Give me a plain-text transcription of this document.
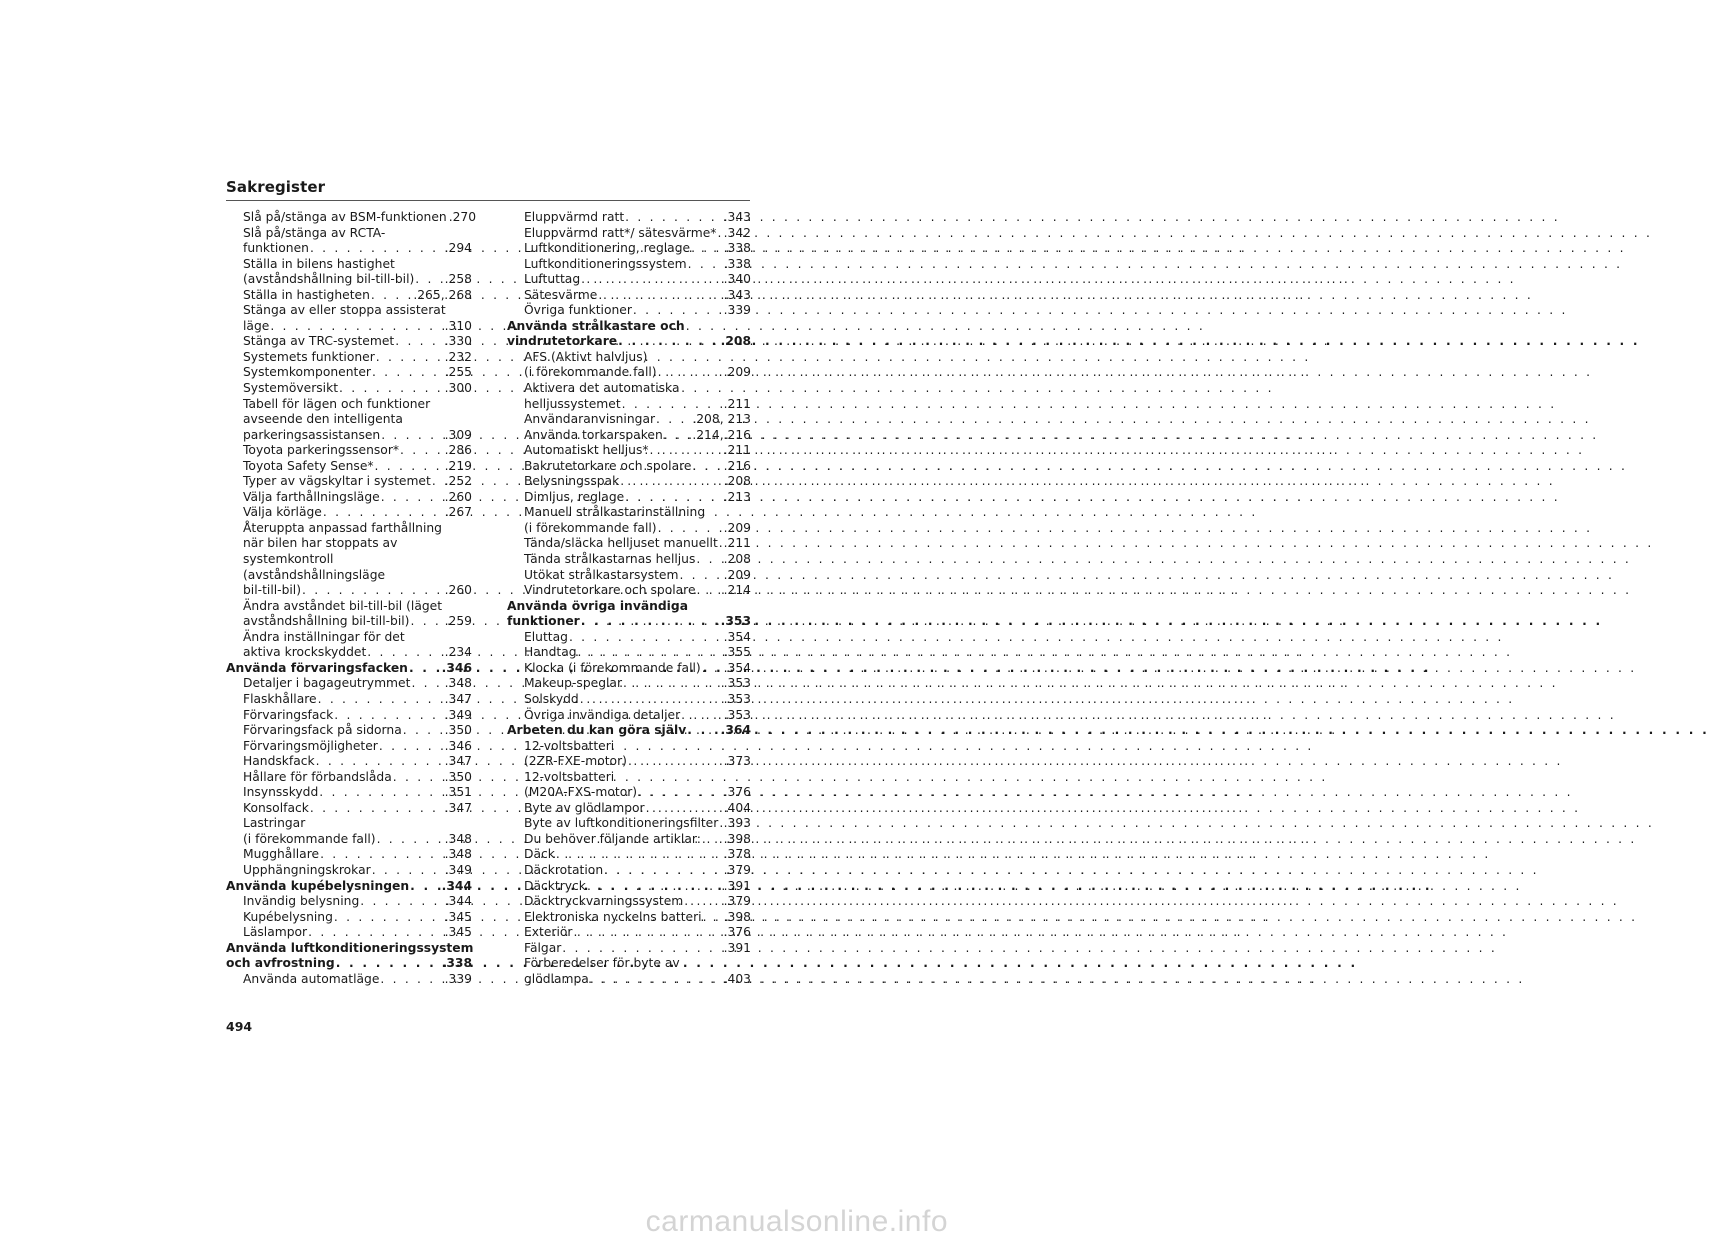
Sakregister
Slå på/stänga av BSM-funktionen . . . .270
Slå på/stänga av RCTA-
funktionen . . .	.294
Ställa in bilens hastighet
(avståndshållning bil-till-bil) . . . .258
Ställa in hastigheten . . .	.265, 268
Stänga av eller stoppa assisterat
läge . . .	.310
Stänga av TRC-systemet . . .	.330
Systemets funktioner . . .	.232
Systemkomponenter . . .	.255
Systemöversikt . . .	.300
Tabell för lägen och funktioner
avseende den intelligenta
parkeringsassistansen . . .	.309
Toyota parkeringssensor* . . .	.286
Toyota Safety Sense* . . .	.219
Typer av vägskyltar i systemet . . . .252
Välja farthållningsläge . . .	.260
Välja körläge . . .	.267
Återuppta anpassad farthållning
när bilen har stoppats av
systemkontroll
(avståndshållningsläge
bil-till-bil) . . .	.260
Ändra avståndet bil-till-bil (läget
avståndshållning bil-till-bil) . . .	.259
Ändra inställningar för det
aktiva krockskyddet . . .	.234
Använda förvaringsfacken . . .	.346
Detaljer i bagageutrymmet . . .	.348
Flaskhållare . . .	.347
Förvaringsfack . . .	.349
Förvaringsfack på sidorna . . .	.350
Förvaringsmöjligheter . . .	.346
Handskfack . . .	.347
Hållare för förbandslåda . . .	.350
Insynsskydd . . .	.351
Konsolfack . . .	.347
Lastringar
(i förekommande fall) . . .	.348
Mugghållare . . .	.348
Upphängningskrokar . . .	.349
Använda kupébelysningen . . .	.344
Invändig belysning . . .	.344
Kupébelysning . . .	.345
Läslampor . . .	.345
Använda luftkonditioneringssystem
och avfrostning . . .	.338
Använda automatläge . . .	.339
Eluppvärmd ratt . . .	.343
Eluppvärmd ratt*/ sätesvärme* . . . .342
Luftkonditionering, reglage . . .	.338
Luftkonditioneringssystem . . .	.338
Luftuttag . . .	.340
Sätesvärme . . .	.343
Övriga funktioner . . .	.339
Använda strålkastare och
vindrutetorkare . . .	.208
AFS (Aktivt halvljus)
(i förekommande fall) . . .	.209
Aktivera det automatiska
helljussystemet . . .	.211
Användaranvisningar . . .	.208, 213
Använda torkarspaken . . . .214, 216
Automatiskt helljus* . . .	.211
Bakrutetorkare och spolare . . .	.216
Belysningsspak . . .	.208
Dimljus, reglage . . .	.213
Manuell strålkastarinställning
(i förekommande fall) . . .	.209
Tända/släcka helljuset manuellt . . . .211
Tända strålkastarnas helljus . . . .208
Utökat strålkastarsystem . . .	.209
Vindrutetorkare och spolare . . . .214
Använda övriga invändiga
funktioner . . .	.353
Eluttag . . .	.354
Handtag . . .	.355
Klocka (i förekommande fall) . . . .354
Makeup-speglar . . .	.353
Solskydd . . .	.353
Övriga invändiga detaljer . . .	.353
Arbeten du kan göra själv . . .	.364
12-voltsbatteri
(2ZR-FXE-motor) . . .	.373
12-voltsbatteri
(M20A-FXS-motor) . . .	.376
Byte av glödlampor . . .	.404
Byte av luftkonditioneringsfilter . . . .393
Du behöver följande artiklar: . . . .398
Däck . . .	.378
Däckrotation . . .	.379
Däcktryck . . .	.391
Däcktryckvarningssystem . . .	.379
Elektroniska nyckelns batteri . . . .398
Exteriör . . .	.376
Fälgar . . .	.391
Förberedelser för byte av
glödlampa . . .	.403
494
carmanualsonline.info
